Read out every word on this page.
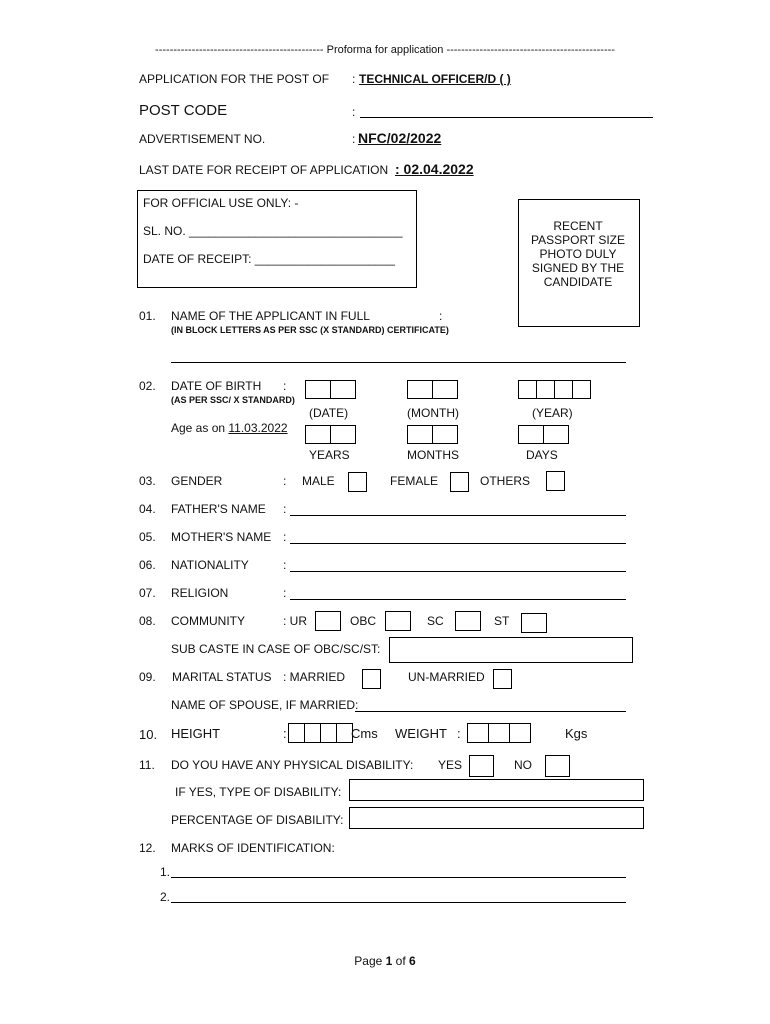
---------------------------------------------- Proforma for application ----------------------------------------------
APPLICATION FOR THE POST OF : TECHNICAL OFFICER/D ( )
POST CODE	:
ADVERTISEMENT NO.	: NFC/02/2022
LAST DATE FOR RECEIPT OF APPLICATION : 02.04.2022
FOR OFFICIAL USE ONLY: -
SL. NO. ________________________________
DATE OF RECEIPT: _____________________
RECENT PASSPORT SIZE PHOTO DULY SIGNED BY THE CANDIDATE
01. NAME OF THE APPLICANT IN FULL	:
(IN BLOCK LETTERS AS PER SSC (X STANDARD) CERTIFICATE)
02. DATE OF BIRTH :
(AS PER SSC/ X STANDARD)
(DATE)	(MONTH)	(YEAR)
Age as on 11.03.2022
YEARS	MONTHS	DAYS
03. GENDER	: MALE	FEMALE	OTHERS
04. FATHER'S NAME :
05. MOTHER'S NAME :
06. NATIONALITY	:
07. RELIGION	:
08. COMMUNITY	: UR	OBC	SC	ST
SUB CASTE IN CASE OF OBC/SC/ST:
09. MARITAL STATUS : MARRIED	UN-MARRIED
NAME OF SPOUSE, IF MARRIED:
10. HEIGHT	:	Cms WEIGHT :	Kgs
11. DO YOU HAVE ANY PHYSICAL DISABILITY: YES	NO
IF YES, TYPE OF DISABILITY:
PERCENTAGE OF DISABILITY:
12. MARKS OF IDENTIFICATION:
1.
2.
Page 1 of 6
